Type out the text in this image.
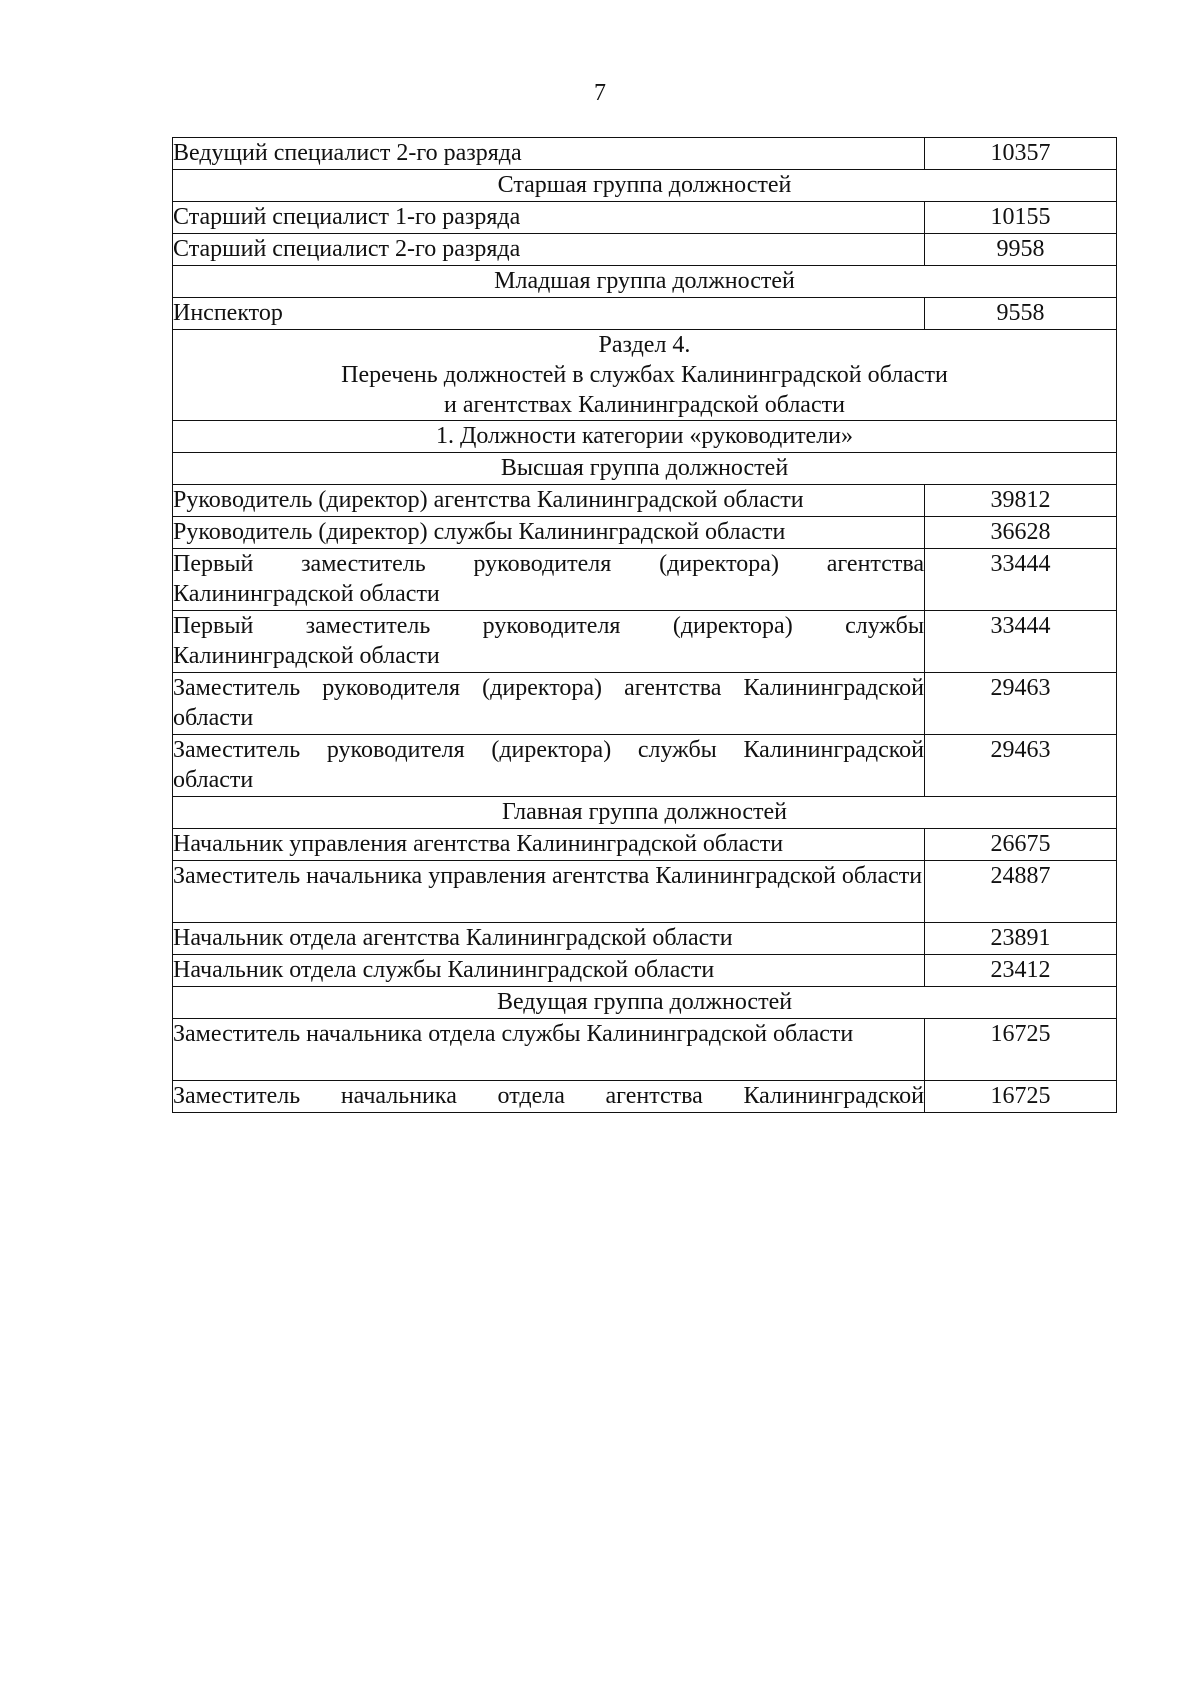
7
Ведущий специалист 2-го разряда	10357
Старшая группа должностей	
Старший специалист 1-го разряда	10155
Старший специалист 2-го разряда	9958
Младшая группа должностей	
Инспектор	9558

Раздел 4.
Перечень должностей в службах Калининградской области
и агентствах Калининградской области	

1. Должности категории «руководители»	
Высшая группа должностей	
Руководитель (директор) агентства Калининградской области	39812
Руководитель (директор) службы Калининградской области	36628
Первый заместитель руководителя (директора) агентства Калининградской области	33444
Первый заместитель руководителя (директора) службы Калининградской области	33444
Заместитель руководителя (директора) агентства Калининградской области	29463
Заместитель руководителя (директора) службы Калининградской области	29463
Главная группа должностей	
Начальник управления агентства Калининградской области	26675
Заместитель начальника управления агентства Калининградской области	24887
Начальник отдела агентства Калининградской области	23891
Начальник отдела службы Калининградской области	23412
Ведущая группа должностей	
Заместитель начальника отдела службы Калининградской области	16725
Заместитель начальника отдела агентства Калининградской	16725
